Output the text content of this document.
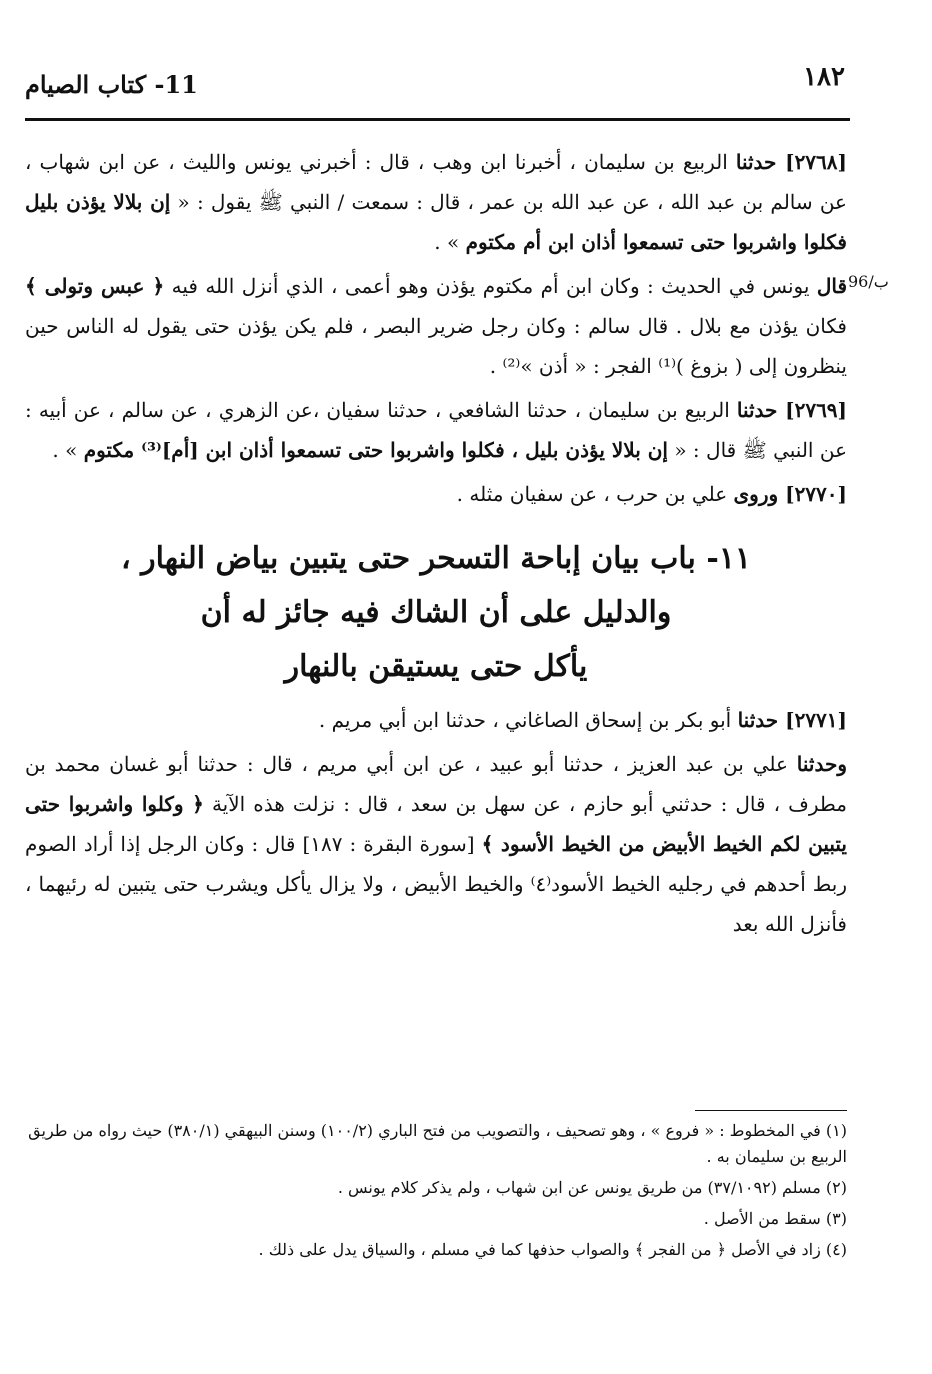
١٨٢
11- كتاب الصيام
96/ب

[٢٧٦٨] حدثنا الربيع بن سليمان ، أخبرنا ابن وهب ، قال : أخبرني يونس والليث ، عن ابن شهاب ، عن سالم بن عبد الله ، عن عبد الله بن عمر ، قال : سمعت / النبي ﷺ يقول : « إن بلالا يؤذن بليل فكلوا واشربوا حتى تسمعوا أذان ابن أم مكتوم » .

قال يونس في الحديث : وكان ابن أم مكتوم يؤذن وهو أعمى ، الذي أنزل الله فيه ﴿ عبس وتولى ﴾ فكان يؤذن مع بلال . قال سالم : وكان رجل ضرير البصر ، فلم يكن يؤذن حتى يقول له الناس حين ينظرون إلى ( بزوغ )⁽¹⁾ الفجر : « أذن »⁽²⁾ .

[٢٧٦٩] حدثنا الربيع بن سليمان ، حدثنا الشافعي ، حدثنا سفيان ،عن الزهري ، عن سالم ، عن أبيه : عن النبي ﷺ قال : « إن بلالا يؤذن بليل ، فكلوا واشربوا حتى تسمعوا أذان ابن [أم]⁽³⁾ مكتوم » .

[٢٧٧٠] وروى علي بن حرب ، عن سفيان مثله .

١١- باب بيان إباحة التسحر حتى يتبين بياض النهار ،
والدليل على أن الشاك فيه جائز له أن
يأكل حتى يستيقن بالنهار

[٢٧٧١] حدثنا أبو بكر بن إسحاق الصاغاني ، حدثنا ابن أبي مريم .

وحدثنا علي بن عبد العزيز ، حدثنا أبو عبيد ، عن ابن أبي مريم ، قال : حدثنا أبو غسان محمد بن مطرف ، قال : حدثني أبو حازم ، عن سهل بن سعد ، قال : نزلت هذه الآية ﴿ وكلوا واشربوا حتى يتبين لكم الخيط الأبيض من الخيط الأسود ﴾ [سورة البقرة : ١٨٧] قال : وكان الرجل إذا أراد الصوم ربط أحدهم في رجليه الخيط الأسود⁽٤⁾ والخيط الأبيض ، ولا يزال يأكل ويشرب حتى يتبين له رئيهما ، فأنزل الله بعد

(١) في المخطوط : « فروع » ، وهو تصحيف ، والتصويب من فتح الباري (١٠٠/٢) وسنن البيهقي (٣٨٠/١) حيث رواه من طريق الربيع بن سليمان به .
(٢) مسلم (٣٧/١٠٩٢) من طريق يونس عن ابن شهاب ، ولم يذكر كلام يونس .
(٣) سقط من الأصل .
(٤) زاد في الأصل ﴿ من الفجر ﴾ والصواب حذفها كما في مسلم ، والسياق يدل على ذلك .
